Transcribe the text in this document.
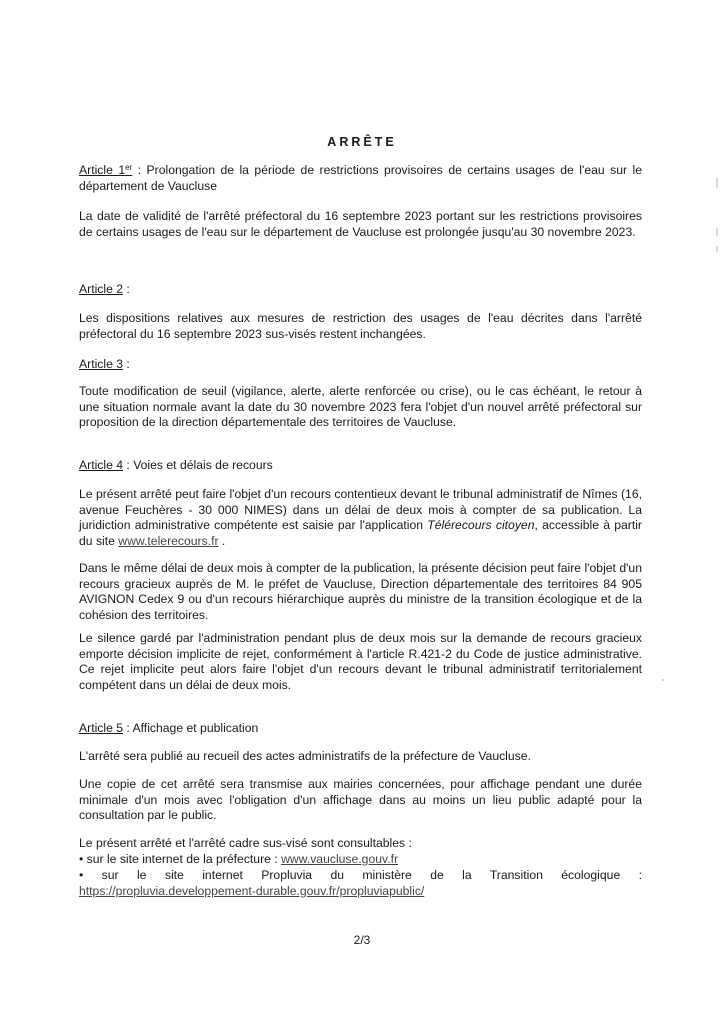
ARRÊTE
Article 1er : Prolongation de la période de restrictions provisoires de certains usages de l'eau sur le département de Vaucluse
La date de validité de l'arrêté préfectoral du 16 septembre 2023 portant sur les restrictions provisoires de certains usages de l'eau sur le département de Vaucluse est prolongée jusqu'au 30 novembre 2023.
Article 2 :
Les dispositions relatives aux mesures de restriction des usages de l'eau décrites dans l'arrêté préfectoral du 16 septembre 2023 sus-visés restent inchangées.
Article 3 :
Toute modification de seuil (vigilance, alerte, alerte renforcée ou crise), ou le cas échéant, le retour à une situation normale avant la date du 30 novembre 2023 fera l'objet d'un nouvel arrêté préfectoral sur proposition de la direction départementale des territoires de Vaucluse.
Article 4 : Voies et délais de recours
Le présent arrêté peut faire l'objet d'un recours contentieux devant le tribunal administratif de Nîmes (16, avenue Feuchères - 30 000 NIMES) dans un délai de deux mois à compter de sa publication. La juridiction administrative compétente est saisie par l'application Télérecours citoyen, accessible à partir du site www.telerecours.fr .
Dans le même délai de deux mois à compter de la publication, la présente décision peut faire l'objet d'un recours gracieux auprès de M. le préfet de Vaucluse, Direction départementale des territoires 84 905 AVIGNON Cedex 9 ou d'un recours hiérarchique auprès du ministre de la transition écologique et de la cohésion des territoires.
Le silence gardé par l'administration pendant plus de deux mois sur la demande de recours gracieux emporte décision implicite de rejet, conformément à l'article R.421-2 du Code de justice administrative. Ce rejet implicite peut alors faire l'objet d'un recours devant le tribunal administratif territorialement compétent dans un délai de deux mois.
Article 5 : Affichage et publication
L'arrêté sera publié au recueil des actes administratifs de la préfecture de Vaucluse.
Une copie de cet arrêté sera transmise aux mairies concernées, pour affichage pendant une durée minimale d'un mois avec l'obligation d'un affichage dans au moins un lieu public adapté pour la consultation par le public.
Le présent arrêté et l'arrêté cadre sus-visé sont consultables :
• sur le site internet de la préfecture : www.vaucluse.gouv.fr
• sur le site internet Propluvia du ministère de la Transition écologique :
https://propluvia.developpement-durable.gouv.fr/propluviapublic/
2/3
